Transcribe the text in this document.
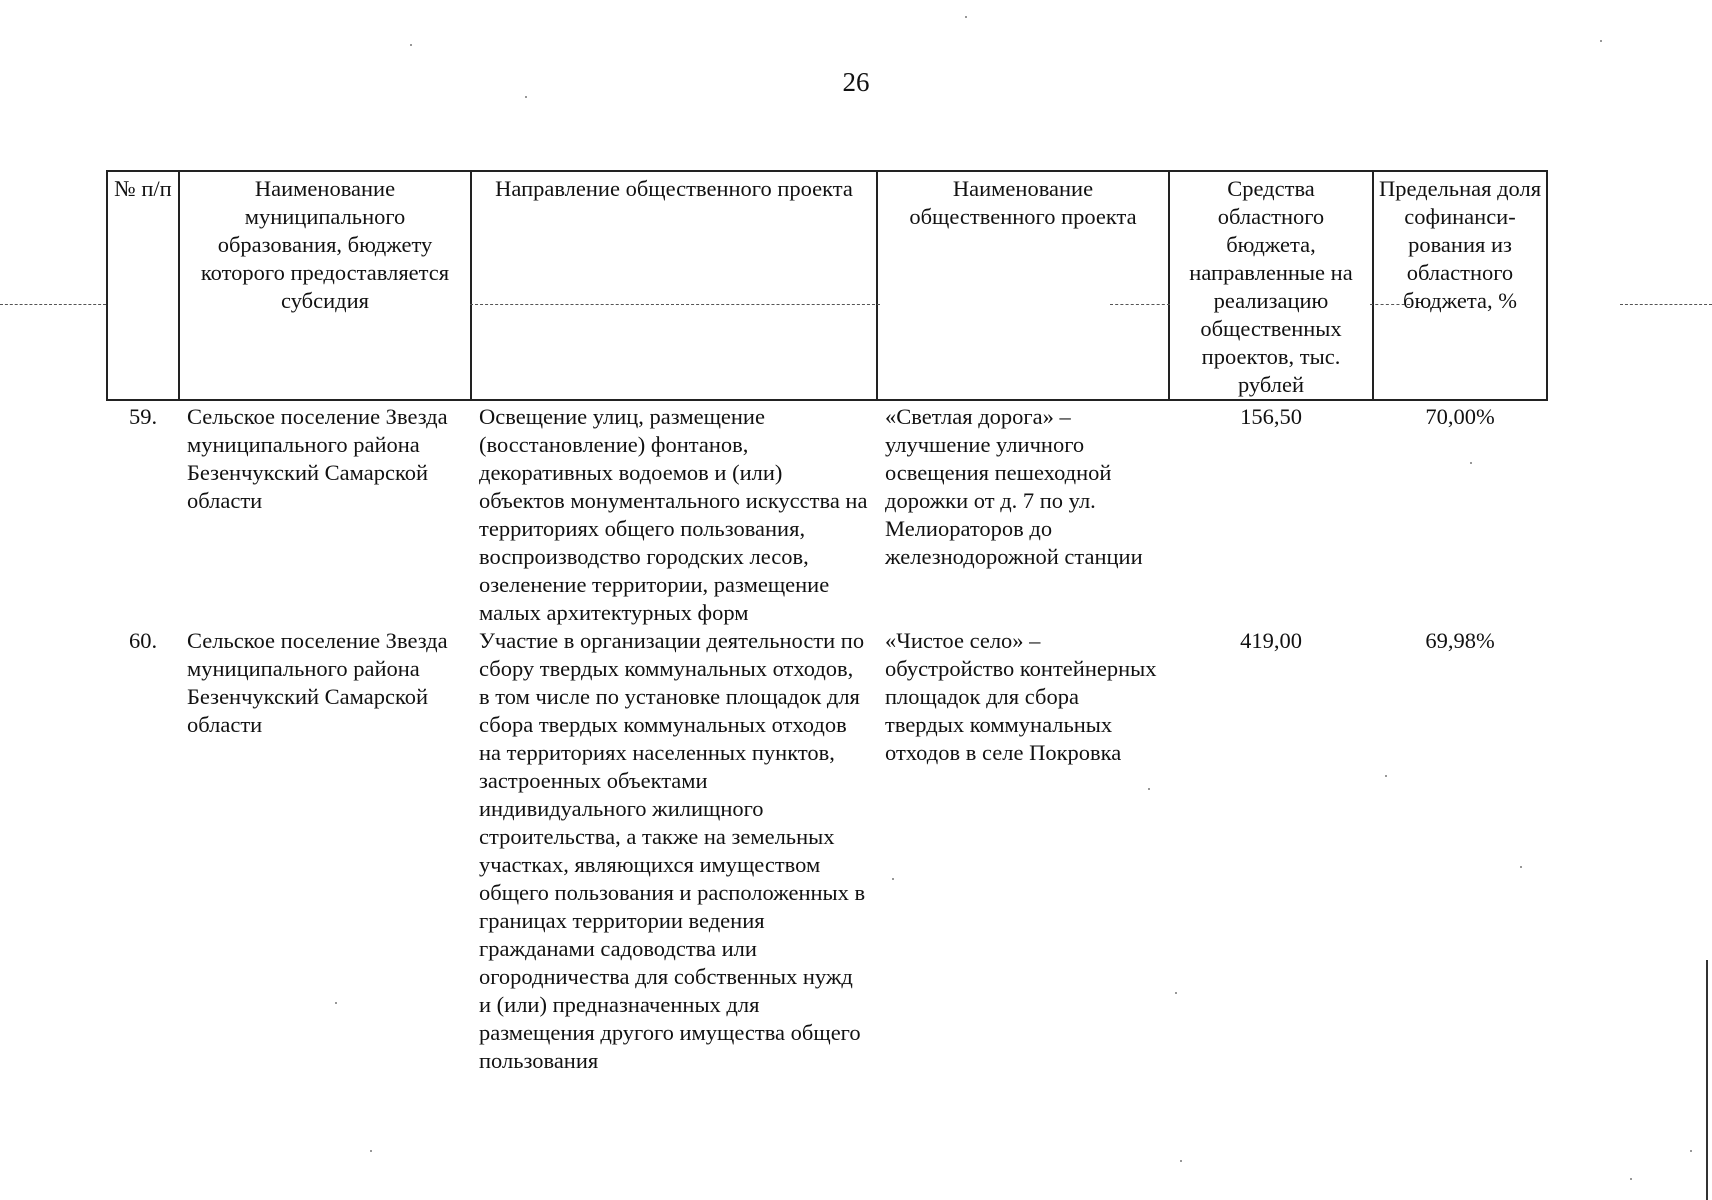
26
№ п/п	Наименование муниципального образования, бюджету которого предоставляется субсидия	Направление общественного проекта	Наименование общественного проекта	Средства областного бюджета, направленные на реализацию общественных проектов, тыс. рублей	Предельная доля софинанси-рования из областного бюджета, %
59.	Сельское поселение Звезда муниципального района Безенчукский Самарской области	Освещение улиц, размещение (восстановление) фонтанов, декоративных водоемов и (или) объектов монументального искусства на территориях общего пользования, воспроизводство городских лесов, озеленение территории, размещение малых архитектурных форм	«Светлая дорога» – улучшение уличного освещения пешеходной дорожки от д. 7 по ул. Мелиораторов до железнодорожной станции	156,50	70,00%
60.	Сельское поселение Звезда муниципального района Безенчукский Самарской области	Участие в организации деятельности по сбору твердых коммунальных отходов, в том числе по установке площадок для сбора твердых коммунальных отходов на территориях населенных пунктов, застроенных объектами индивидуального жилищного строительства, а также на земельных участках, являющихся имуществом общего пользования и расположенных в границах территории ведения гражданами садоводства или огородничества для собственных нужд и (или) предназначенных для размещения другого имущества общего пользования	«Чистое село» – обустройство контейнерных площадок для сбора твердых коммунальных отходов в селе Покровка	419,00	69,98%
